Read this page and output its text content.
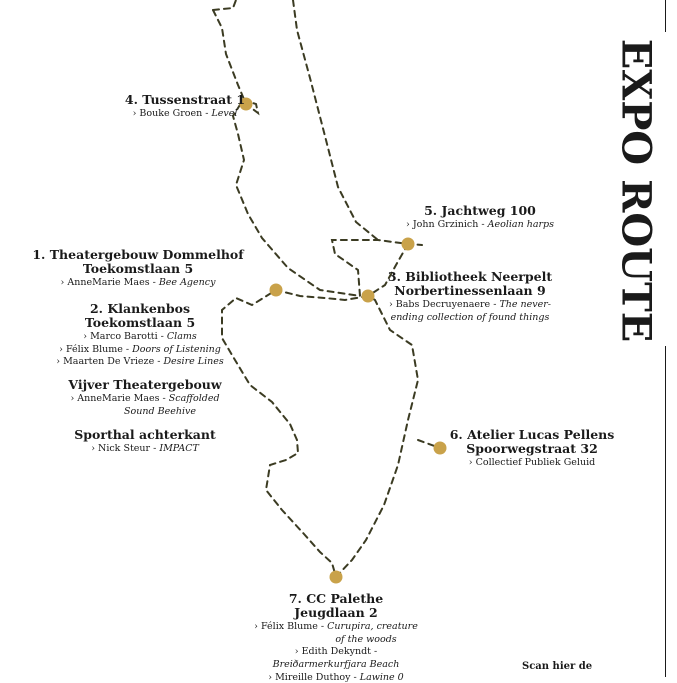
EXPO ROUTE
4. Tussenstraat 1
› Bouke Groen - Level
5. Jachtweg 100
› John Grzinich - Aeolian harps
1. Theatergebouw Dommelhof
Toekomstlaan 5
› AnneMarie Maes - Bee Agency	3. Bibliotheek Neerpelt
Norbertinessenlaan 9
› Babs Decruyenaere - The never-
ending collection of found things
2. Klankenbos
Toekomstlaan 5
› Marco Barotti - Clams
› Félix Blume - Doors of Listening
› Maarten De Vrieze - Desire Lines
Vijver Theatergebouw
› AnneMarie Maes - Scaffolded
Sound Beehive
Sporthal achterkant
› Nick Steur - IMPACT
6. Atelier Lucas Pellens
Spoorwegstraat 32
› Collectief Publiek Geluid
7. CC Palethe
Jeugdlaan 2
› Félix Blume - Curupira, creature
of the woods
› Edith Dekyndt -
Breiðarmerkurfjara Beach
› Mireille Duthoy - Lawine 0
Scan hier de
